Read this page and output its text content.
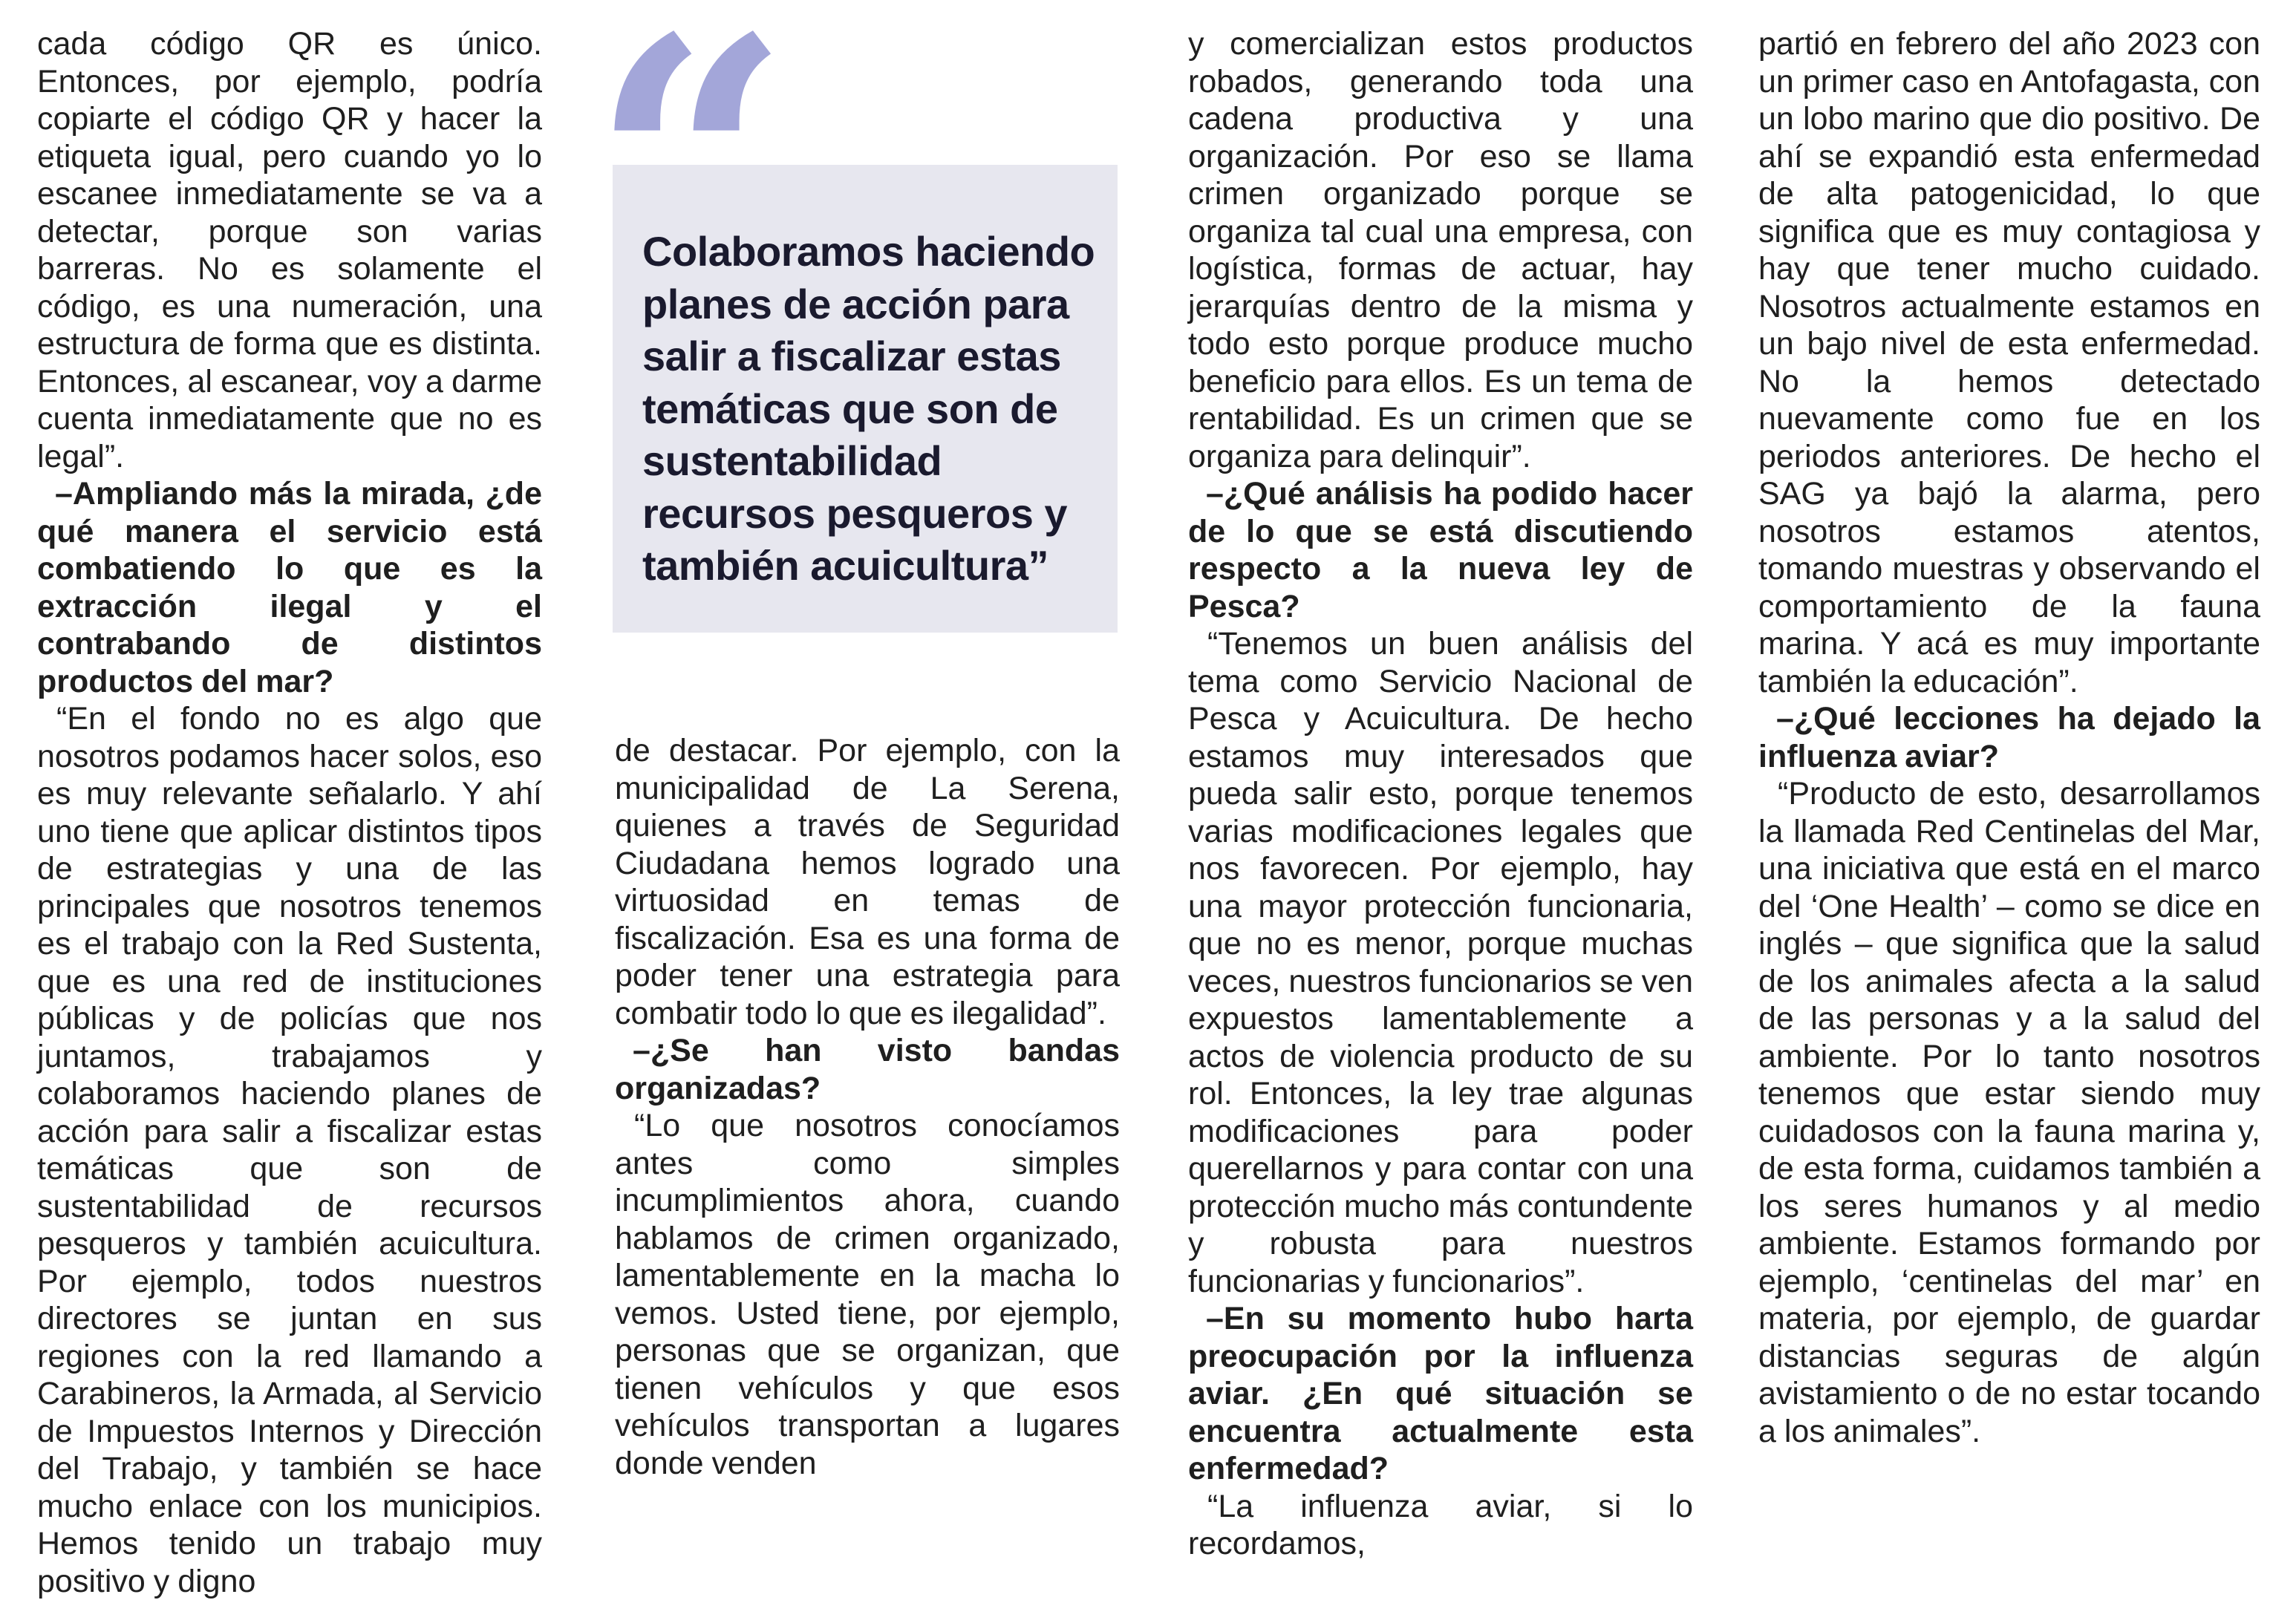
cada código QR es único. Entonces, por ejemplo, podría copiarte el código QR y hacer la etiqueta igual, pero cuando yo lo escanee inmediatamente se va a detectar, porque son varias barreras. No es solamente el código, es una numeración, una estructura de forma que es distinta. Entonces, al escanear, voy a darme cuenta inmediatamente que no es legal”.

–Ampliando más la mirada, ¿de qué manera el servicio está combatiendo lo que es la extracción ilegal y el contrabando de distintos productos del mar?

“En el fondo no es algo que nosotros podamos hacer solos, eso es muy relevante señalarlo. Y ahí uno tiene que aplicar distintos tipos de estrategias y una de las principales que nosotros tenemos es el trabajo con la Red Sustenta, que es una red de instituciones públicas y de policías que nos juntamos, trabajamos y colaboramos haciendo planes de acción para salir a fiscalizar estas temáticas que son de sustentabilidad de recursos pesqueros y también acuicultura. Por ejemplo, todos nuestros directores se juntan en sus regiones con la red llamando a Carabineros, la Armada, al Servicio de Impuestos Internos y Dirección del Trabajo, y también se hace mucho enlace con los municipios. Hemos tenido un trabajo muy positivo y digno

Colaboramos haciendo planes de acción para salir a fiscalizar estas temáticas que son de sustentabilidad recursos pesqueros y también acuicultura”

“

de destacar. Por ejemplo, con la municipalidad de La Serena, quienes a través de Seguridad Ciudadana hemos logrado una virtuosidad en temas de fiscalización. Esa es una forma de poder tener una estrategia para combatir todo lo que es ilegalidad”.

–¿Se han visto bandas organizadas?

“Lo que nosotros conocíamos antes como simples incumplimientos ahora, cuando hablamos de crimen organizado, lamentablemente en la macha lo vemos. Usted tiene, por ejemplo, personas que se organizan, que tienen vehículos y que esos vehículos transportan a lugares donde venden

y comercializan estos productos robados, generando toda una cadena productiva y una organización. Por eso se llama crimen organizado porque se organiza tal cual una empresa, con logística, formas de actuar, hay jerarquías dentro de la misma y todo esto porque produce mucho beneficio para ellos. Es un tema de rentabilidad. Es un crimen que se organiza para delinquir”.

–¿Qué análisis ha podido hacer de lo que se está discutiendo respecto a la nueva ley de Pesca?

“Tenemos un buen análisis del tema como Servicio Nacional de Pesca y Acuicultura. De hecho estamos muy interesados que pueda salir esto, porque tenemos varias modificaciones legales que nos favorecen. Por ejemplo, hay una mayor protección funcionaria, que no es menor, porque muchas veces, nuestros funcionarios se ven expuestos lamentablemente a actos de violencia producto de su rol. Entonces, la ley trae algunas modificaciones para poder querellarnos y para contar con una protección mucho más contundente y robusta para nuestros funcionarias y funcionarios”.

–En su momento hubo harta preocupación por la influenza aviar. ¿En qué situación se encuentra actualmente esta enfermedad?

“La influenza aviar, si lo recordamos,

partió en febrero del año 2023 con un primer caso en Antofagasta, con un lobo marino que dio positivo. De ahí se expandió esta enfermedad de alta patogenicidad, lo que significa que es muy contagiosa y hay que tener mucho cuidado. Nosotros actualmente estamos en un bajo nivel de esta enfermedad. No la hemos detectado nuevamente como fue en los periodos anteriores. De hecho el SAG ya bajó la alarma, pero nosotros estamos atentos, tomando muestras y observando el comportamiento de la fauna marina. Y acá es muy importante también la educación”.

–¿Qué lecciones ha dejado la influenza aviar?

“Producto de esto, desarrollamos la llamada Red Centinelas del Mar, una iniciativa que está en el marco del ‘One Health’ – como se dice en inglés – que significa que la salud de los animales afecta a la salud de las personas y a la salud del ambiente. Por lo tanto nosotros tenemos que estar siendo muy cuidadosos con la fauna marina y, de esta forma, cuidamos también a los seres humanos y al medio ambiente. Estamos formando por ejemplo, ‘centinelas del mar’ en materia, por ejemplo, de guardar distancias seguras de algún avistamiento o de no estar tocando a los animales”.
